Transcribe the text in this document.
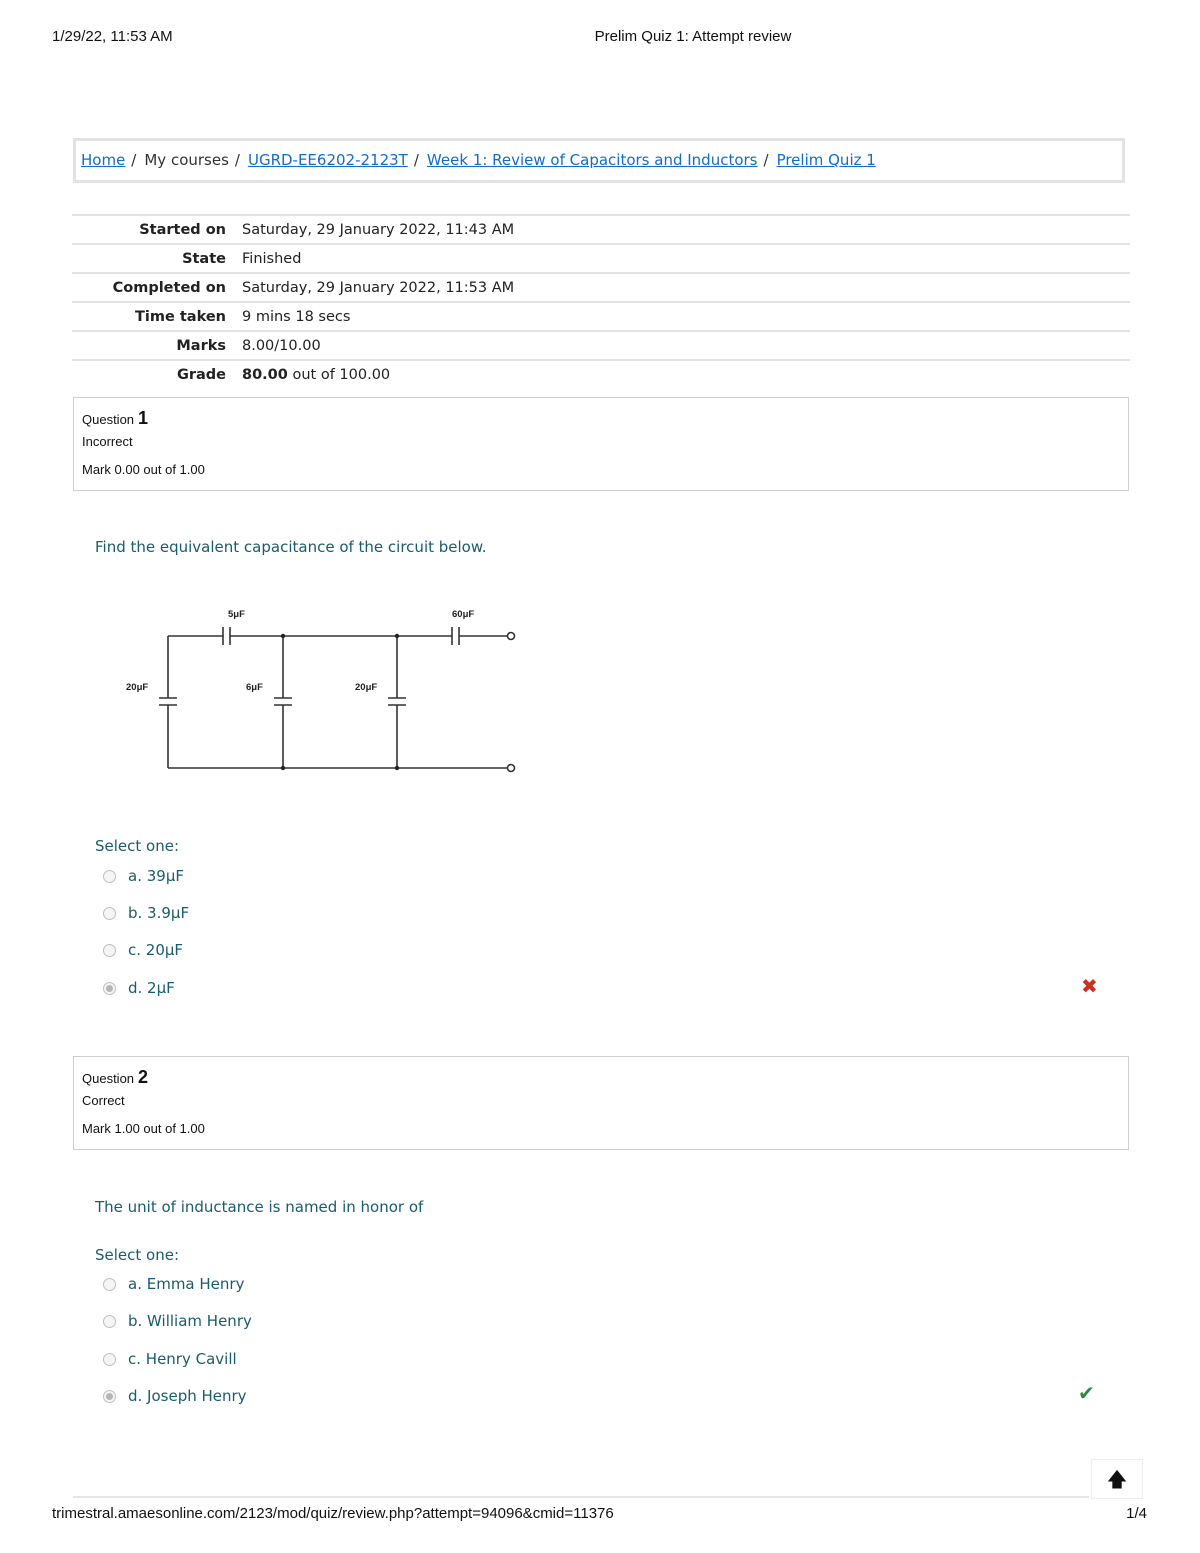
1/29/22, 11:53 AM	Prelim Quiz 1: Attempt review
Home / My courses / UGRD-EE6202-2123T / Week 1: Review of Capacitors and Inductors / Prelim Quiz 1
Started on	Saturday, 29 January 2022, 11:43 AM
State	Finished
Completed on	Saturday, 29 January 2022, 11:53 AM
Time taken	9 mins 18 secs
Marks	8.00/10.00
Grade	80.00 out of 100.00
Question 1
Incorrect
Mark 0.00 out of 1.00
Find the equivalent capacitance of the circuit below.
5μF	60μF
20μF	6μF	20μF
Select one:
a. 39μF
b. 3.9μF
c. 20μF
d. 2μF	✖
Question 2
Correct
Mark 1.00 out of 1.00
The unit of inductance is named in honor of
Select one:
a. Emma Henry
b. William Henry
c. Henry Cavill
d. Joseph Henry	✔
🡅
trimestral.amaesonline.com/2123/mod/quiz/review.php?attempt=94096&cmid=11376	1/4
